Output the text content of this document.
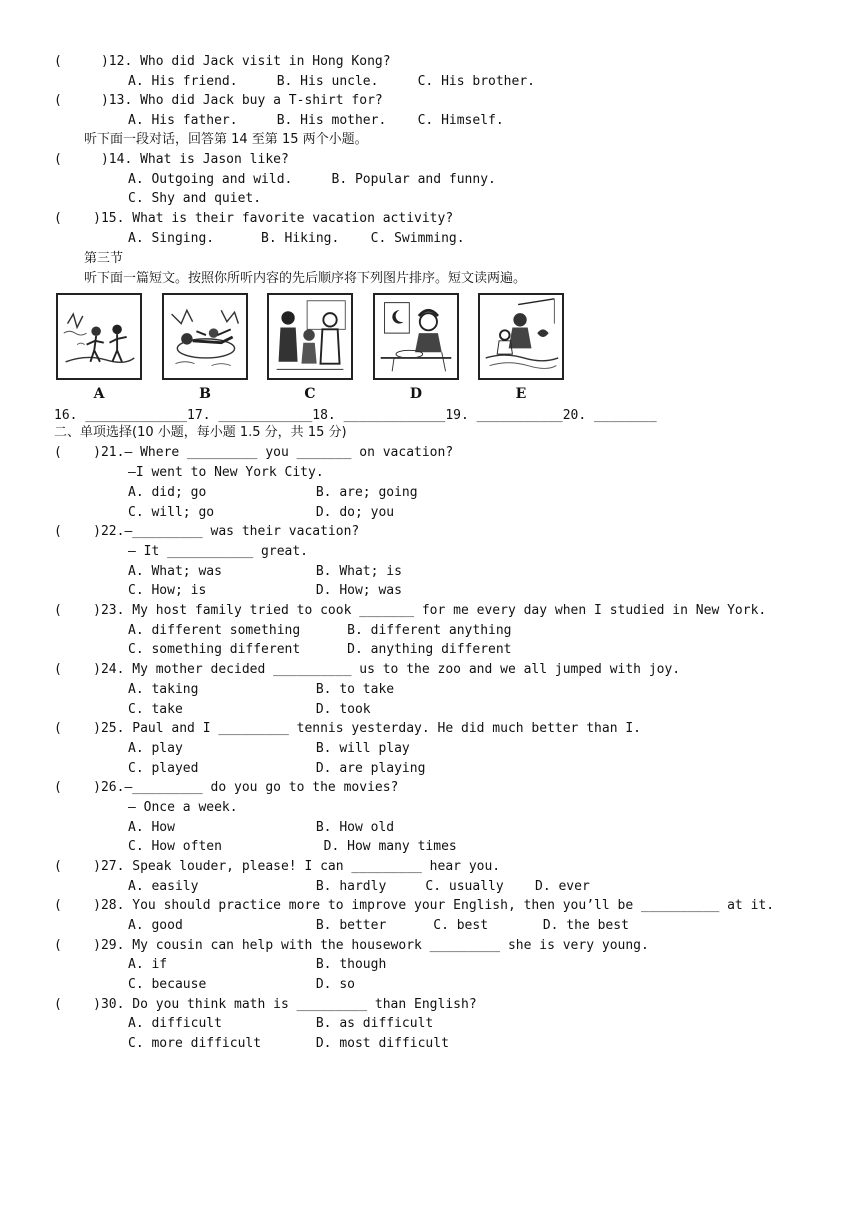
(     )12. Who did Jack visit in Hong Kong?
A. His friend.     B. His uncle.     C. His brother.
(     )13. Who did Jack buy a T-shirt for?
A. His father.     B. His mother.    C. Himself.
听下面一段对话，回答第 14 至第 15 两个小题。
(     )14. What is Jason like?
A. Outgoing and wild.     B. Popular and funny.
C. Shy and quiet.
(    )15. What is their favorite vacation activity?
A. Singing.      B. Hiking.    C. Swimming.
第三节
听下面一篇短文。按照你所听内容的先后顺序将下列图片排序。短文读两遍。
A	B	C	D	E
16. _____________17. ____________18. _____________19. ___________20. ________
二、单项选择(10 小题，每小题 1.5 分，共 15 分)
(    )21.— Where _________ you _______ on vacation?
—I went to New York City.
A. did; go              B. are; going
C. will; go             D. do; you
(    )22.—_________ was their vacation?
— It ___________ great.
A. What; was            B. What; is
C. How; is              D. How; was
(    )23. My host family tried to cook _______ for me every day when I studied in New York.
A. different something      B. different anything
C. something different      D. anything different
(    )24. My mother decided __________ us to the zoo and we all jumped with joy.
A. taking               B. to take
C. take                 D. took
(    )25. Paul and I _________ tennis yesterday. He did much better than I.
A. play                 B. will play
C. played               D. are playing
(    )26.—_________ do you go to the movies?
— Once a week.
A. How                  B. How old
C. How often             D. How many times
(    )27. Speak louder, please! I can _________ hear you.
A. easily               B. hardly     C. usually    D. ever
(    )28. You should practice more to improve your English, then you’ll be __________ at it.
A. good                 B. better      C. best       D. the best
(    )29. My cousin can help with the housework _________ she is very young.
A. if                   B. though
C. because              D. so
(    )30. Do you think math is _________ than English?
A. difficult            B. as difficult
C. more difficult       D. most difficult
